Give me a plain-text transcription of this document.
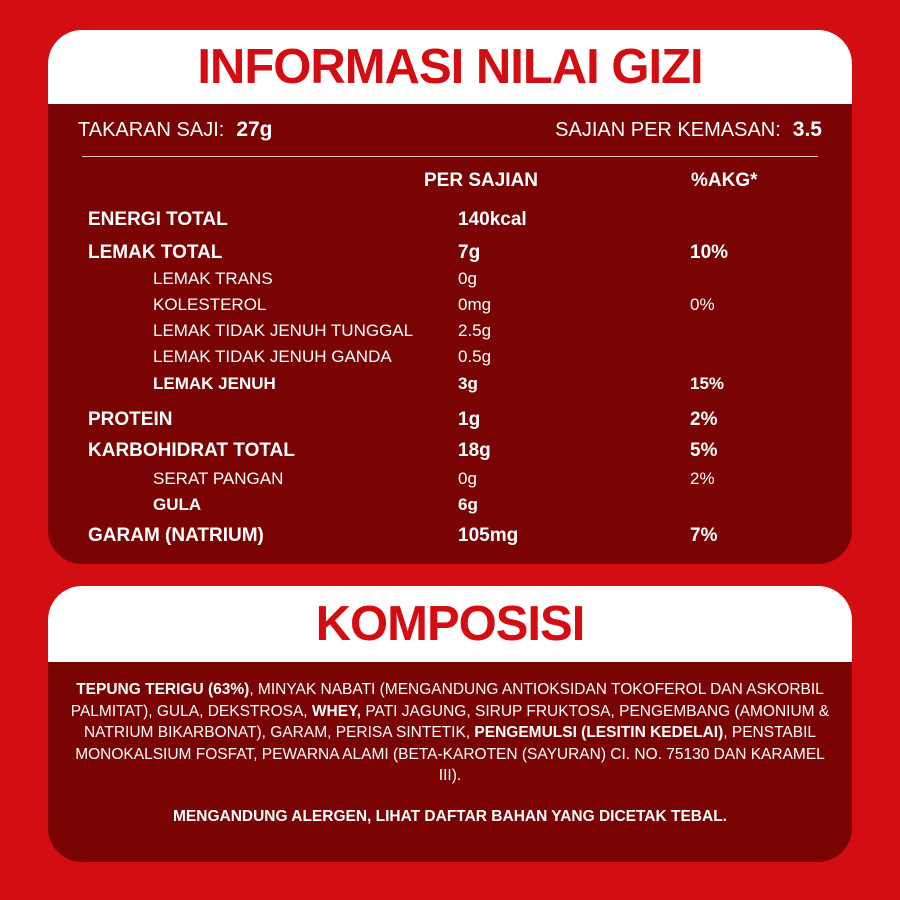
INFORMASI NILAI GIZI
TAKARAN SAJI: 27g	SAJIAN PER KEMASAN: 3.5
PER SAJIAN	%AKG*
ENERGI TOTAL	140kcal
LEMAK TOTAL	7g	10%
LEMAK TRANS	0g
KOLESTEROL	0mg	0%
LEMAK TIDAK JENUH TUNGGAL	2.5g
LEMAK TIDAK JENUH GANDA	0.5g
LEMAK JENUH	3g	15%
PROTEIN	1g	2%
KARBOHIDRAT TOTAL	18g	5%
SERAT PANGAN	0g	2%
GULA	6g
GARAM (NATRIUM)	105mg	7%
KOMPOSISI
TEPUNG TERIGU (63%), MINYAK NABATI (MENGANDUNG ANTIOKSIDAN TOKOFEROL DAN ASKORBIL PALMITAT), GULA, DEKSTROSA, WHEY, PATI JAGUNG, SIRUP FRUKTOSA, PENGEMBANG (AMONIUM & NATRIUM BIKARBONAT), GARAM, PERISA SINTETIK, PENGEMULSI (LESITIN KEDELAI), PENSTABIL MONOKALSIUM FOSFAT, PEWARNA ALAMI (BETA-KAROTEN (SAYURAN) CI. NO. 75130 DAN KARAMEL III).
MENGANDUNG ALERGEN, LIHAT DAFTAR BAHAN YANG DICETAK TEBAL.
